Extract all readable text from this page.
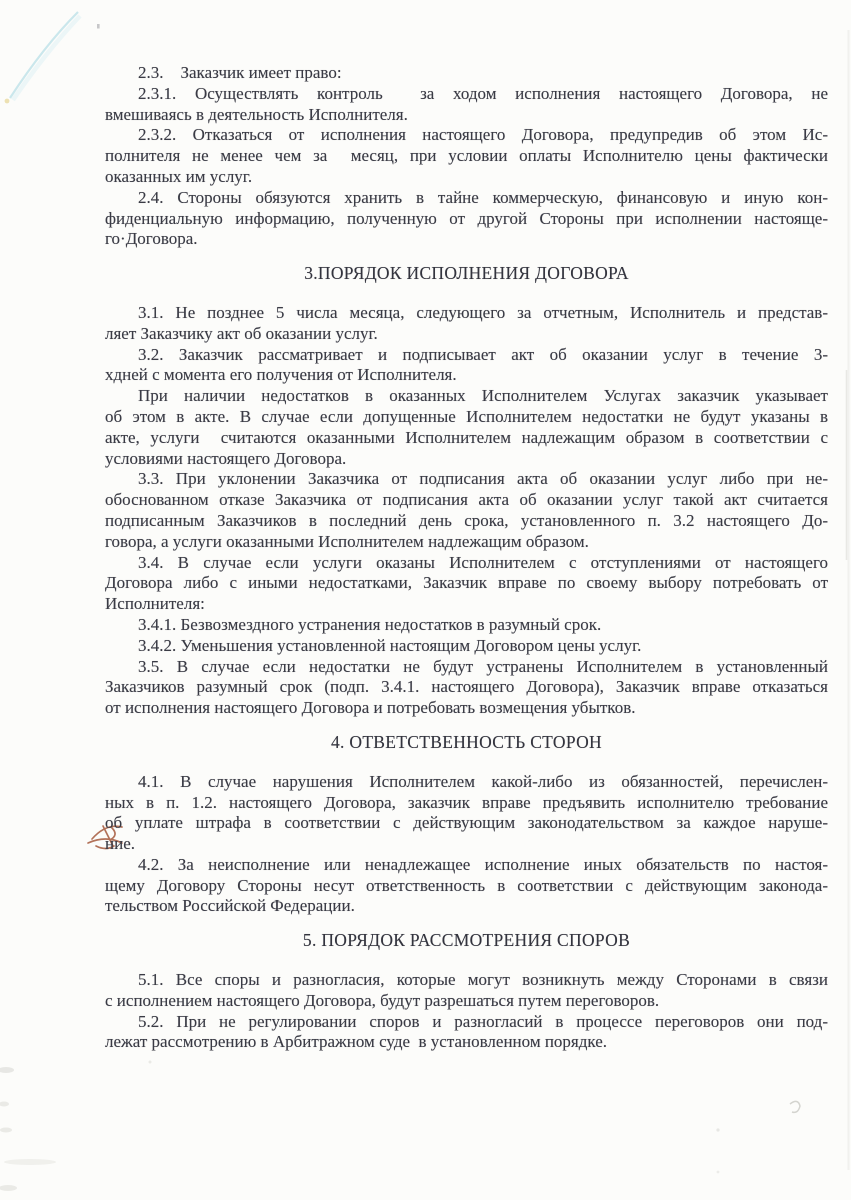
2.3.    Заказчик имеет право:
2.3.1. Осуществлять контроль  за ходом исполнения настоящего Договора, не
вмешиваясь в деятельность Исполнителя.
2.3.2. Отказаться от исполнения настоящего Договора, предупредив об этом Ис-
полнителя не менее чем за  месяц, при условии оплаты Исполнителю цены фактически
оказанных им услуг.
2.4. Стороны обязуются хранить в тайне коммерческую, финансовую и иную кон-
фиденциальную информацию, полученную от другой Стороны при исполнении настояще-
го·Договора.
3.ПОРЯДОК ИСПОЛНЕНИЯ ДОГОВОРА
3.1. Не позднее 5 числа месяца, следующего за отчетным, Исполнитель и представ-
ляет Заказчику акт об оказании услуг.
3.2. Заказчик рассматривает и подписывает акт об оказании услуг в течение 3-
хдней с момента его получения от Исполнителя.
При наличии недостатков в оказанных Исполнителем Услугах заказчик указывает
об этом в акте. В случае если допущенные Исполнителем недостатки не будут указаны в
акте, услуги  считаются оказанными Исполнителем надлежащим образом в соответствии с
условиями настоящего Договора.
3.3. При уклонении Заказчика от подписания акта об оказании услуг либо при не-
обоснованном отказе Заказчика от подписания акта об оказании услуг такой акт считается
подписанным Заказчиков в последний день срока, установленного п. 3.2 настоящего До-
говора, а услуги оказанными Исполнителем надлежащим образом.
3.4. В случае если услуги оказаны Исполнителем с отступлениями от настоящего
Договора либо с иными недостатками, Заказчик вправе по своему выбору потребовать от
Исполнителя:
3.4.1. Безвозмездного устранения недостатков в разумный срок.
3.4.2. Уменьшения установленной настоящим Договором цены услуг.
3.5. В случае если недостатки не будут устранены Исполнителем в установленный
Заказчиков разумный срок (подп. 3.4.1. настоящего Договора), Заказчик вправе отказаться
от исполнения настоящего Договора и потребовать возмещения убытков.
4. ОТВЕТСТВЕННОСТЬ СТОРОН
4.1. В случае нарушения Исполнителем какой-либо из обязанностей, перечислен-
ных в п. 1.2. настоящего Договора, заказчик вправе предъявить исполнителю требование
об уплате штрафа в соответствии с действующим законодательством за каждое наруше-
ние.
4.2. За неисполнение или ненадлежащее исполнение иных обязательств по настоя-
щему Договору Стороны несут ответственность в соответствии с действующим законода-
тельством Российской Федерации.
5. ПОРЯДОК РАССМОТРЕНИЯ СПОРОВ
5.1. Все споры и разногласия, которые могут возникнуть между Сторонами в связи
с исполнением настоящего Договора, будут разрешаться путем переговоров.
5.2. При не регулировании споров и разногласий в процессе переговоров они под-
лежат рассмотрению в Арбитражном суде  в установленном порядке.
